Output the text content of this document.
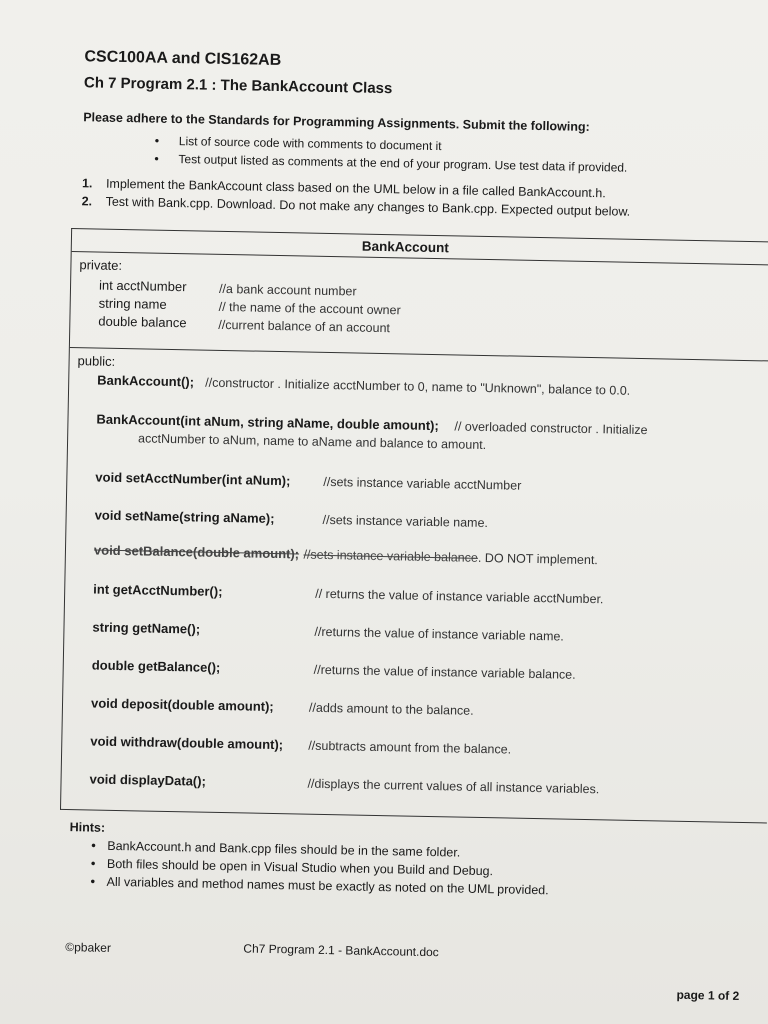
CSC100AA and CIS162AB
Ch 7 Program 2.1 : The BankAccount Class
Please adhere to the Standards for Programming Assignments. Submit the following:
• List of source code with comments to document it
• Test output listed as comments at the end of your program. Use test data if provided.
1. Implement the BankAccount class based on the UML below in a file called BankAccount.h.
2. Test with Bank.cpp. Download. Do not make any changes to Bank.cpp. Expected output below.
BankAccount
private:
int acctNumber	//a bank account number
string name	// the name of the account owner
double balance	//current balance of an account
public:
BankAccount(); //constructor . Initialize acctNumber to 0, name to "Unknown", balance to 0.0.
BankAccount(int aNum, string aName, double amount); // overloaded constructor . Initialize
acctNumber to aNum, name to aName and balance to amount.
void setAcctNumber(int aNum);	//sets instance variable acctNumber
void setName(string aName);	//sets instance variable name.
void setBalance(double amount); //sets instance variable balance. DO NOT implement.
int getAcctNumber();	// returns the value of instance variable acctNumber.
string getName();	//returns the value of instance variable name.
double getBalance();	//returns the value of instance variable balance.
void deposit(double amount);	//adds amount to the balance.
void withdraw(double amount); //subtracts amount from the balance.
void displayData();	//displays the current values of all instance variables.
Hints:
• BankAccount.h and Bank.cpp files should be in the same folder.
• Both files should be open in Visual Studio when you Build and Debug.
• All variables and method names must be exactly as noted on the UML provided.
©pbaker	Ch7 Program 2.1 - BankAccount.doc
page 1 of 2
